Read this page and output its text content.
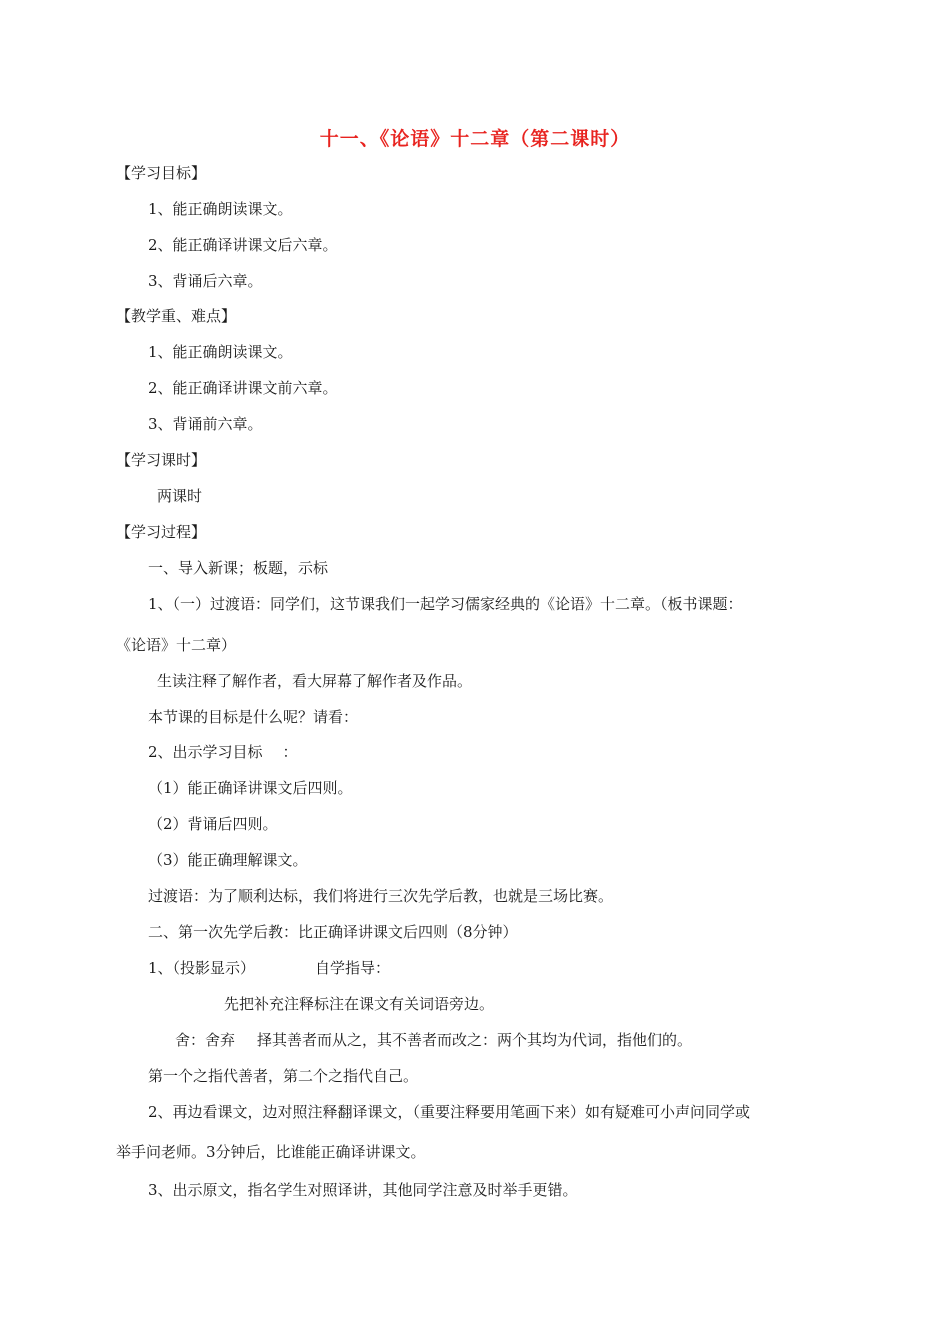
十一、《论语》十二章（第二课时）
【学习目标】
1、能正确朗读课文。
2、能正确译讲课文后六章。
3、背诵后六章。
【教学重、难点】
1、能正确朗读课文。
2、能正确译讲课文前六章。
3、背诵前六章。
【学习课时】
两课时
【学习过程】
一、导入新课；板题，示标
1、（一）过渡语：同学们，这节课我们一起学习儒家经典的《论语》十二章。（板书课题：
《论语》十二章）
生读注释了解作者，看大屏幕了解作者及作品。
本节课的目标是什么呢？请看：
2、出示学习目标 ：
（1）能正确译讲课文后四则。
（2）背诵后四则。
（3）能正确理解课文。
过渡语：为了顺利达标，我们将进行三次先学后教，也就是三场比赛。
二、第一次先学后教：比正确译讲课文后四则（8分钟）
1、（投影显示）	自学指导：
先把补充注释标注在课文有关词语旁边。
舍：舍弃 择其善者而从之，其不善者而改之：两个其均为代词，指他们的。
第一个之指代善者，第二个之指代自己。
2、再边看课文，边对照注释翻译课文，（重要注释要用笔画下来）如有疑难可小声问同学或
举手问老师。3分钟后，比谁能正确译讲课文。
3、出示原文，指名学生对照译讲，其他同学注意及时举手更错。
